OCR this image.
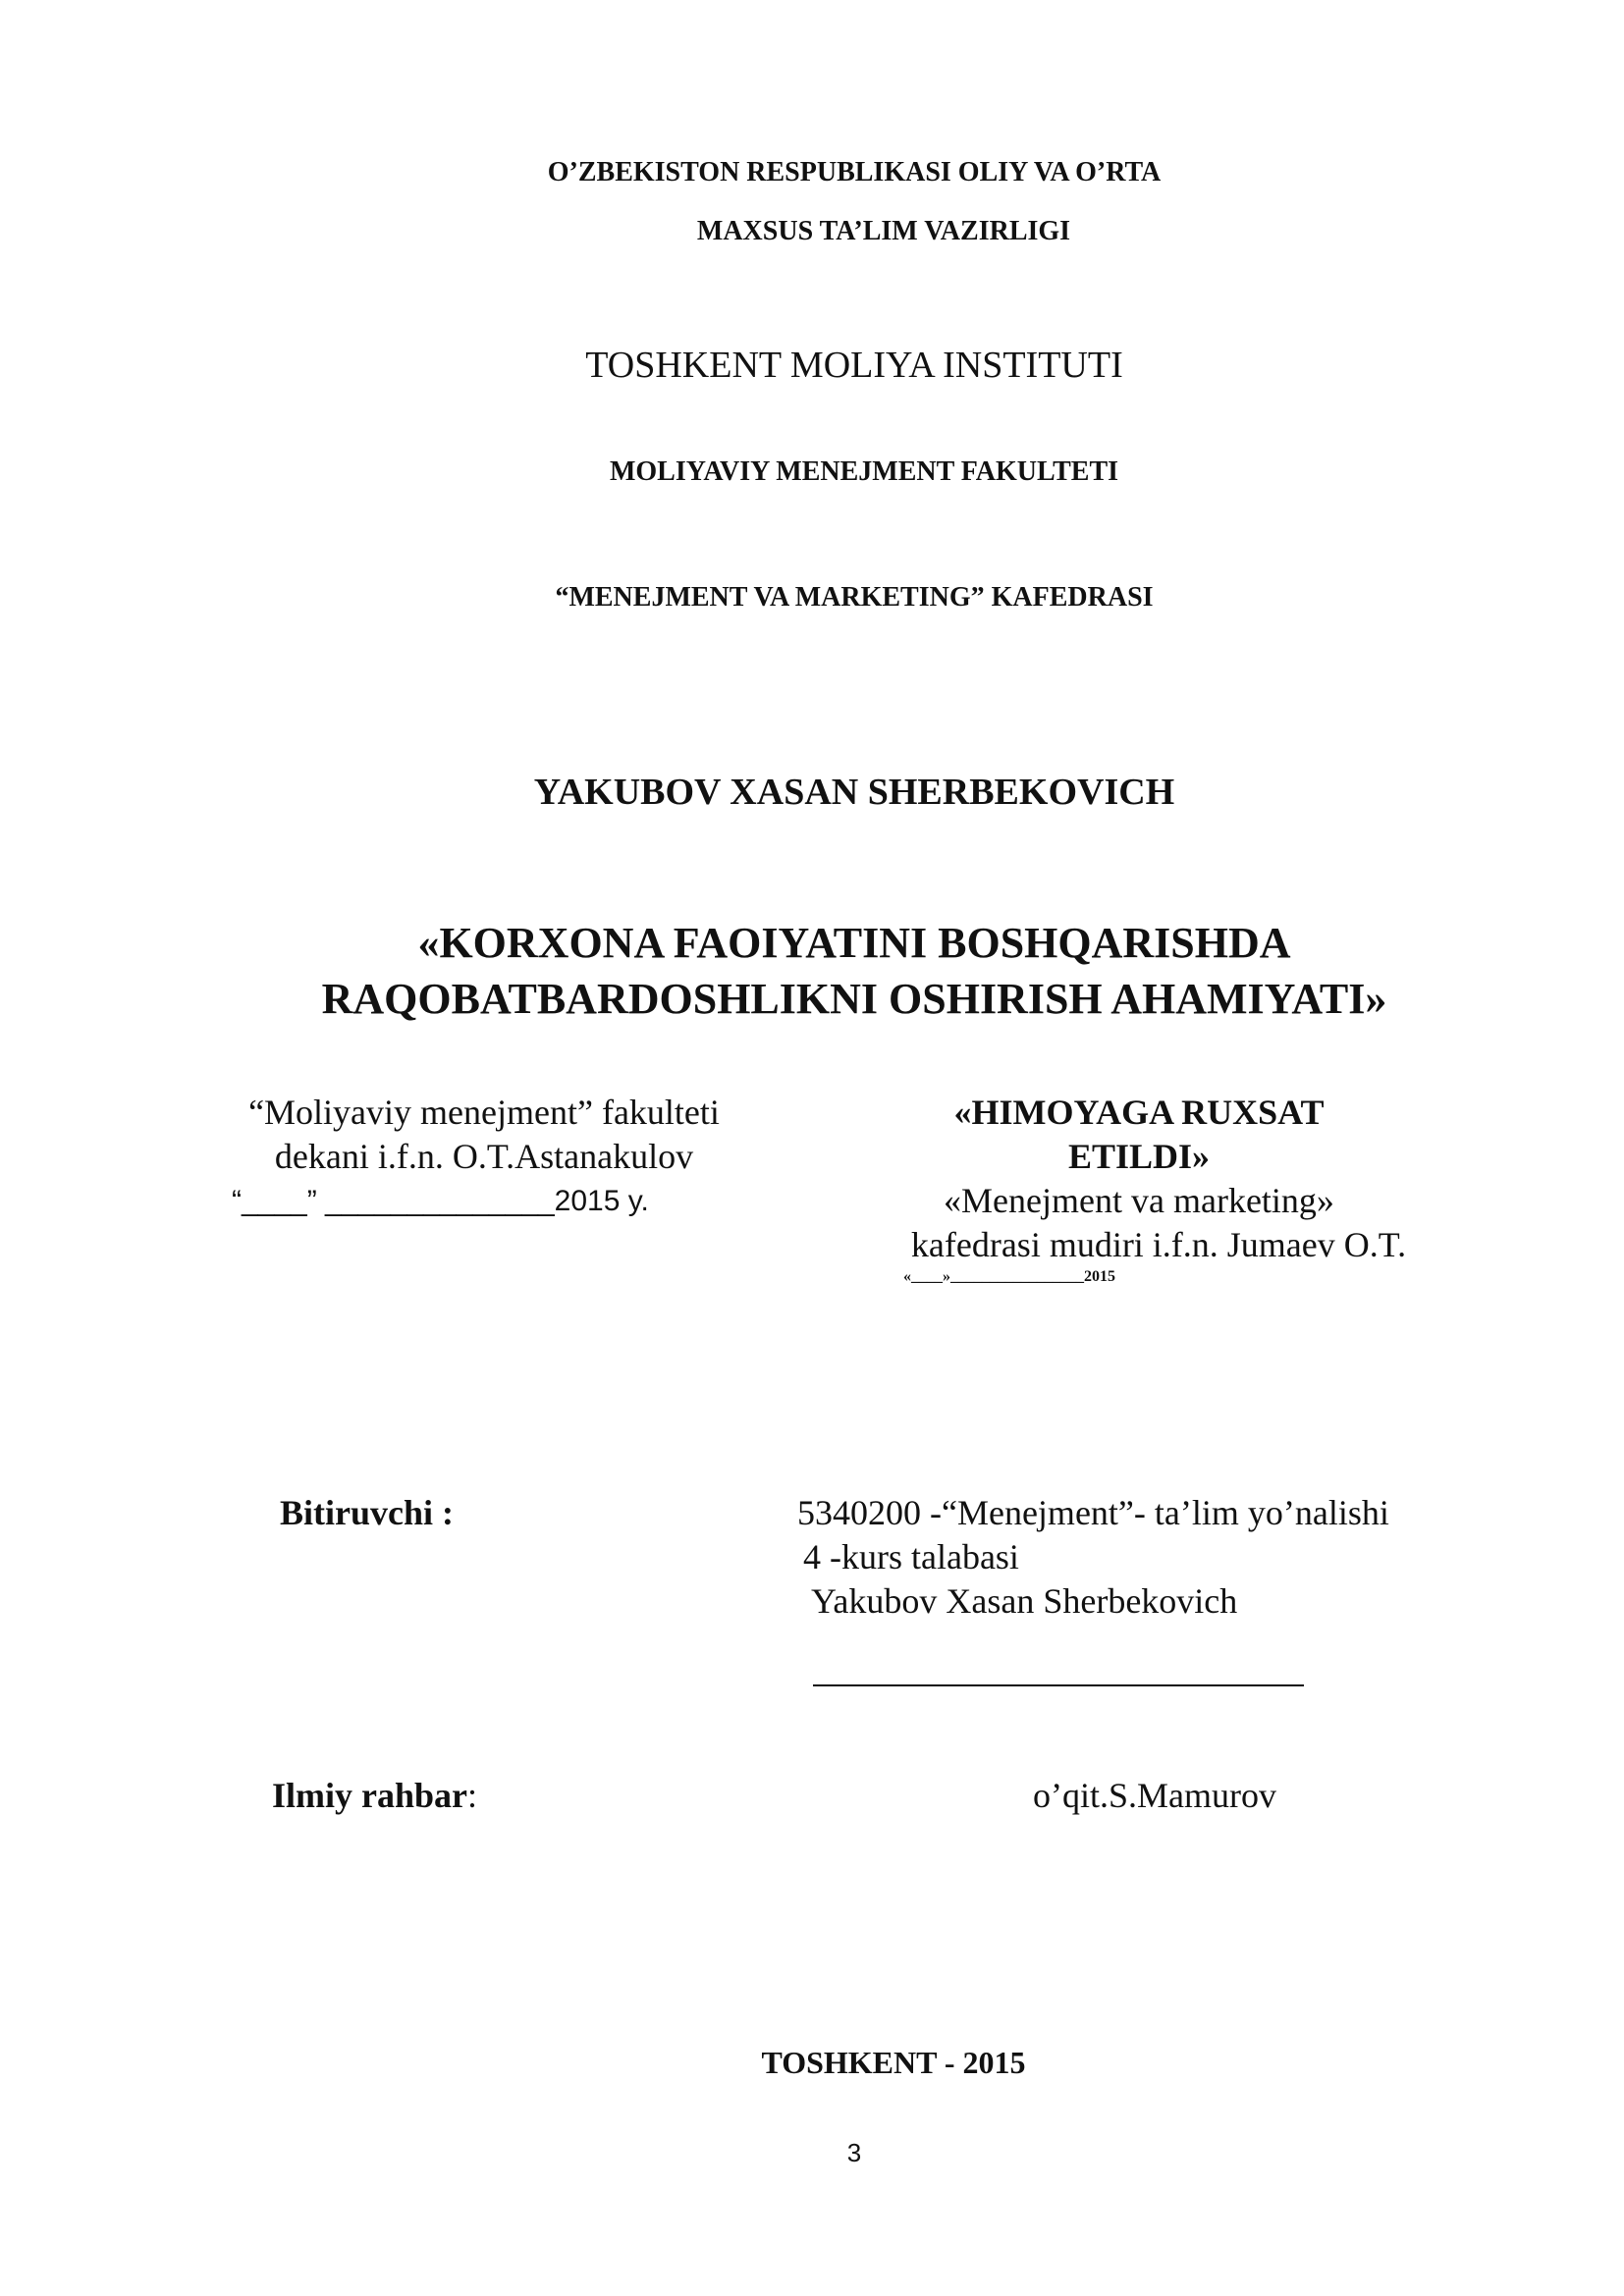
O’ZBEKISTON RESPUBLIKASI OLIY VA O’RTA
MAXSUS TA’LIM VAZIRLIGI
TOSHKENT MOLIYA INSTITUTI
MOLIYAVIY MENEJMENT FAKULTETI
“MENEJMENT VA MARKETING” KAFEDRASI
YAKUBOV XASAN SHERBEKOVICH
«KORXONA FAOIYATINI BOSHQARISHDA
RAQOBATBARDOSHLIKNI OSHIRISH AHAMIYATI»
“Moliyaviy menejment” fakulteti
dekani i.f.n. O.T.Astanakulov
“____” ______________2015 y.
«HIMOYAGA RUXSAT
ETILDI»
«Menejment va marketing»
kafedrasi mudiri i.f.n. Jumaev O.T.
«____»_________________2015
Bitiruvchi :	5340200 -“Menejment”- ta’lim yo’nalishi
4 -kurs talabasi
Yakubov Xasan Sherbekovich
Ilmiy rahbar:	o’qit.S.Mamurov
TOSHKENT - 2015
3
